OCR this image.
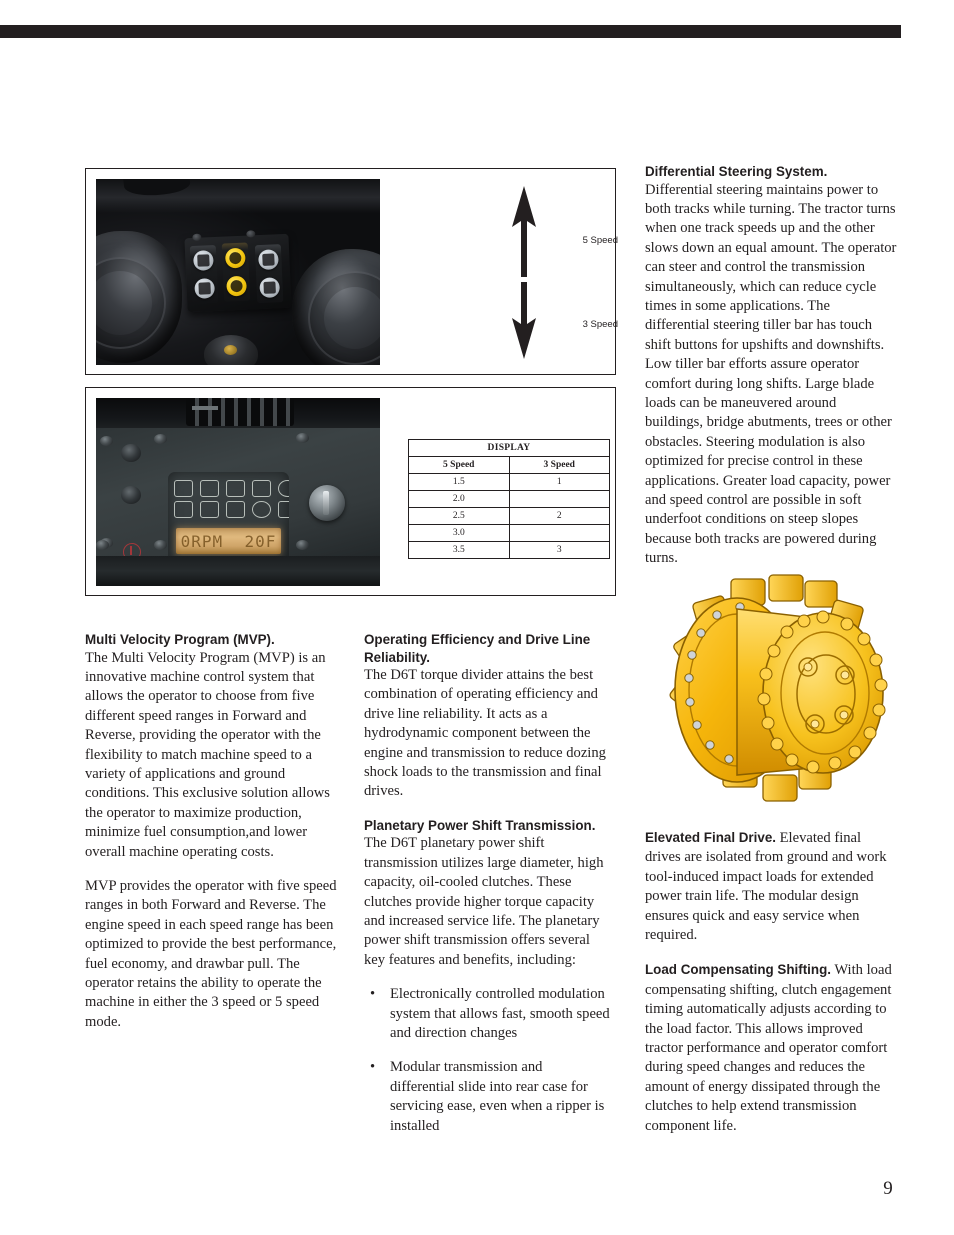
5 Speed
3 Speed
0RPM  20F
DISPLAY	
5 Speed	3 Speed
1.5	1
2.0	
2.5	2
3.0	
3.5	3

Differential Steering System.
Differential steering maintains power to both tracks while turning. The tractor turns when one track speeds up and the other slows down an equal amount. The operator can steer and control the transmission simultaneously, which can reduce cycle times in some applications. The differential steering tiller bar has touch shift buttons for upshifts and downshifts. Low tiller bar efforts assure operator comfort during long shifts. Large blade loads can be maneuvered around buildings, bridge abutments, trees or other obstacles. Steering modulation is also optimized for precise control in these applications. Greater load capacity, power and speed control are possible in soft underfoot conditions on steep slopes because both tracks are powered during turns.

Elevated Final Drive. Elevated final drives are isolated from ground and work tool-induced impact loads for extended power train life. The modular design ensures quick and easy service when required.

Load Compensating Shifting. With load compensating shifting, clutch engagement timing automatically adjusts according to the load factor. This allows improved tractor performance and operator comfort during speed changes and reduces the amount of energy dissipated through the clutches to help extend transmission component life.

Multi Velocity Program (MVP).
The Multi Velocity Program (MVP) is an innovative machine control system that allows the operator to choose from five different speed ranges in Forward and Reverse, providing the operator with the flexibility to match machine speed to a variety of applications and ground conditions. This exclusive solution allows the operator to maximize production, minimize fuel consumption,and lower overall machine operating costs.

MVP provides the operator with five speed ranges in both Forward and Reverse. The engine speed in each speed range has been optimized to provide the best performance, fuel economy, and drawbar pull. The operator retains the ability to operate the machine in either the 3 speed or 5 speed mode.

Operating Efficiency and Drive Line Reliability.
The D6T torque divider attains the best combination of operating efficiency and drive line reliability. It acts as a hydrodynamic component between the engine and transmission to reduce dozing shock loads to the transmission and final drives.

Planetary Power Shift Transmission.
The D6T planetary power shift transmission utilizes large diameter, high capacity, oil-cooled clutches. These clutches provide higher torque capacity and increased service life. The planetary power shift transmission offers several key features and benefits, including:

• Electronically controlled modulation system that allows fast, smooth speed and direction changes
• Modular transmission and differential slide into rear case for servicing ease, even when a ripper is installed
9
